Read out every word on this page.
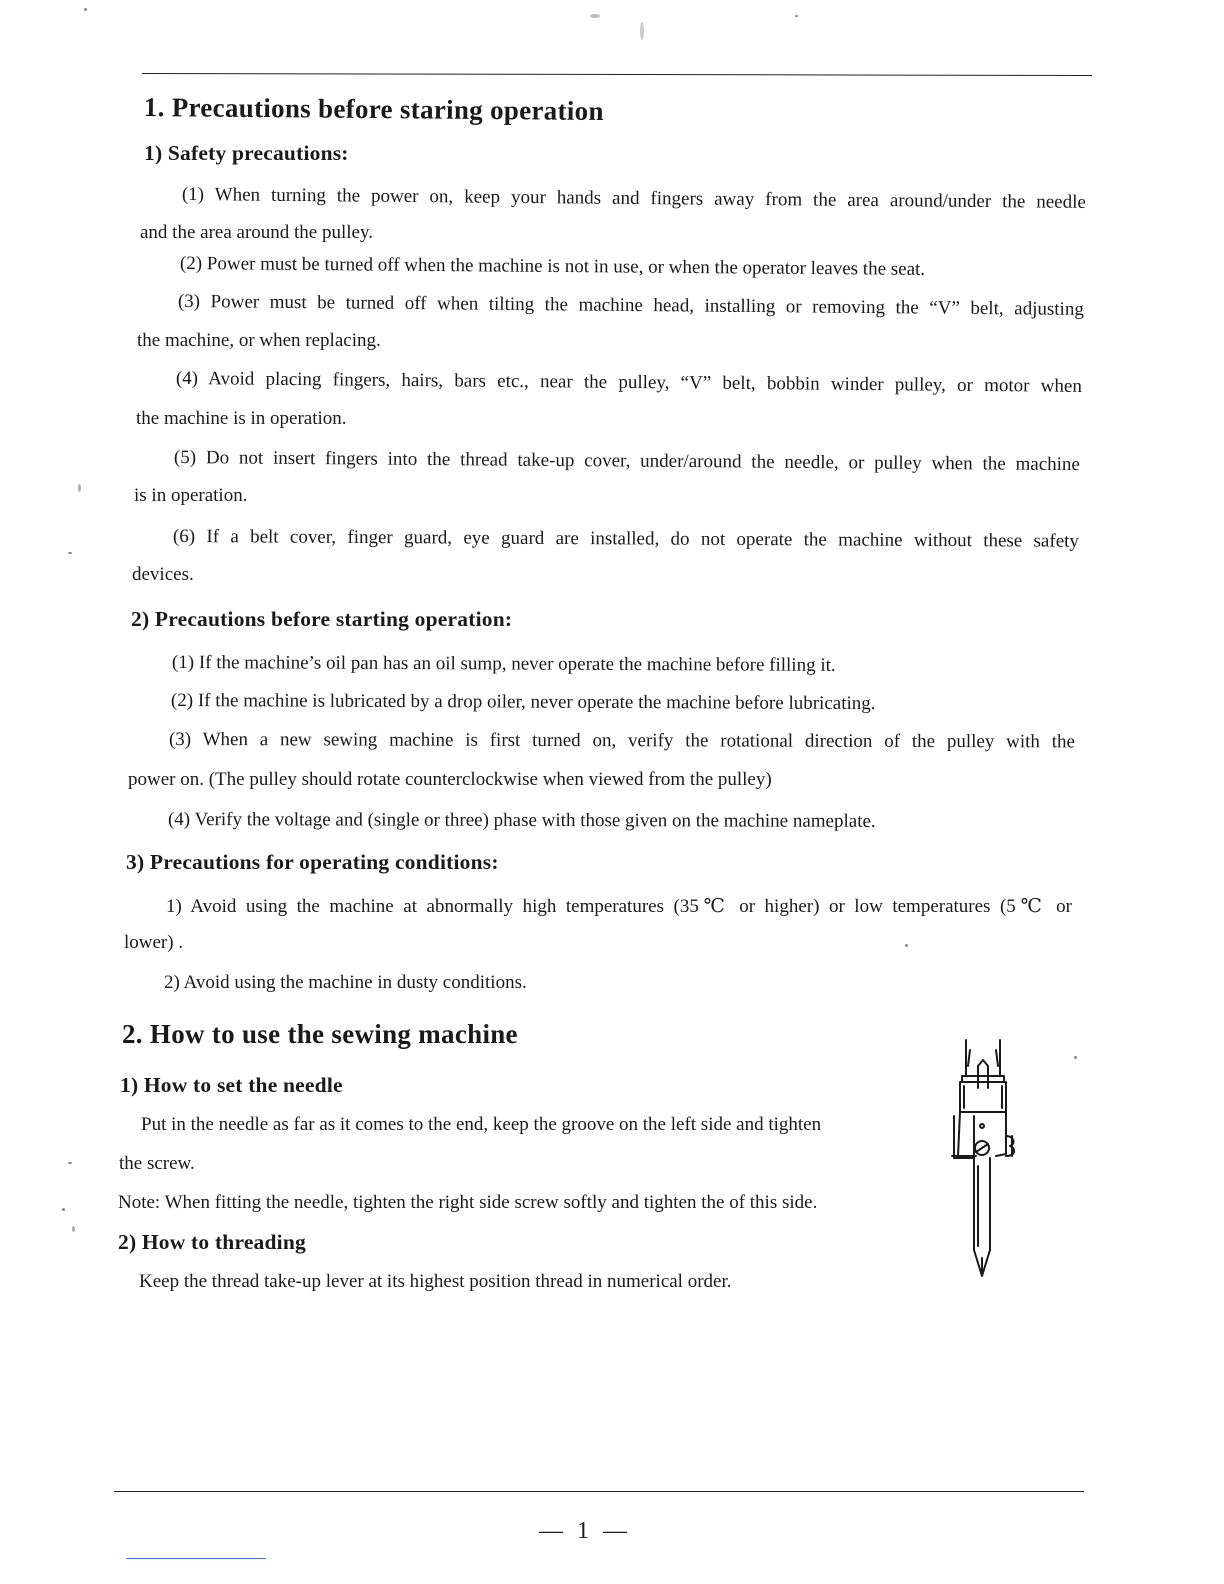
1. Precautions before staring operation
1) Safety precautions:
(1) When turning the power on, keep your hands and fingers away from the area around/under the needle
and the area around the pulley.
(2) Power must be turned off when the machine is not in use, or when the operator leaves the seat.
(3) Power must be turned off when tilting the machine head, installing or removing the “V” belt, adjusting
the machine, or when replacing.
(4) Avoid placing fingers, hairs, bars etc., near the pulley, “V” belt, bobbin winder pulley, or motor when
the machine is in operation.
(5) Do not insert fingers into the thread take-up cover, under/around the needle, or pulley when the machine
is in operation.
(6) If a belt cover, finger guard, eye guard are installed, do not operate the machine without these safety
devices.
2) Precautions before starting operation:
(1) If the machine’s oil pan has an oil sump, never operate the machine before filling it.
(2) If the machine is lubricated by a drop oiler, never operate the machine before lubricating.
(3) When a new sewing machine is first turned on, verify the rotational direction of the pulley with the
power on. (The pulley should rotate counterclockwise when viewed from the pulley)
(4) Verify the voltage and (single or three) phase with those given on the machine nameplate.
3) Precautions for operating conditions:
1) Avoid using the machine at abnormally high temperatures (35℃ or higher) or low temperatures (5℃ or
lower) .
2) Avoid using the machine in dusty conditions.
2. How to use the sewing machine
1) How to set the needle
Put in the needle as far as it comes to the end, keep the groove on the left side and tighten
the screw.
Note: When fitting the needle, tighten the right side screw softly and tighten the of this side.
2) How to threading
Keep the thread take-up lever at its highest position thread in numerical order.
— 1 —
